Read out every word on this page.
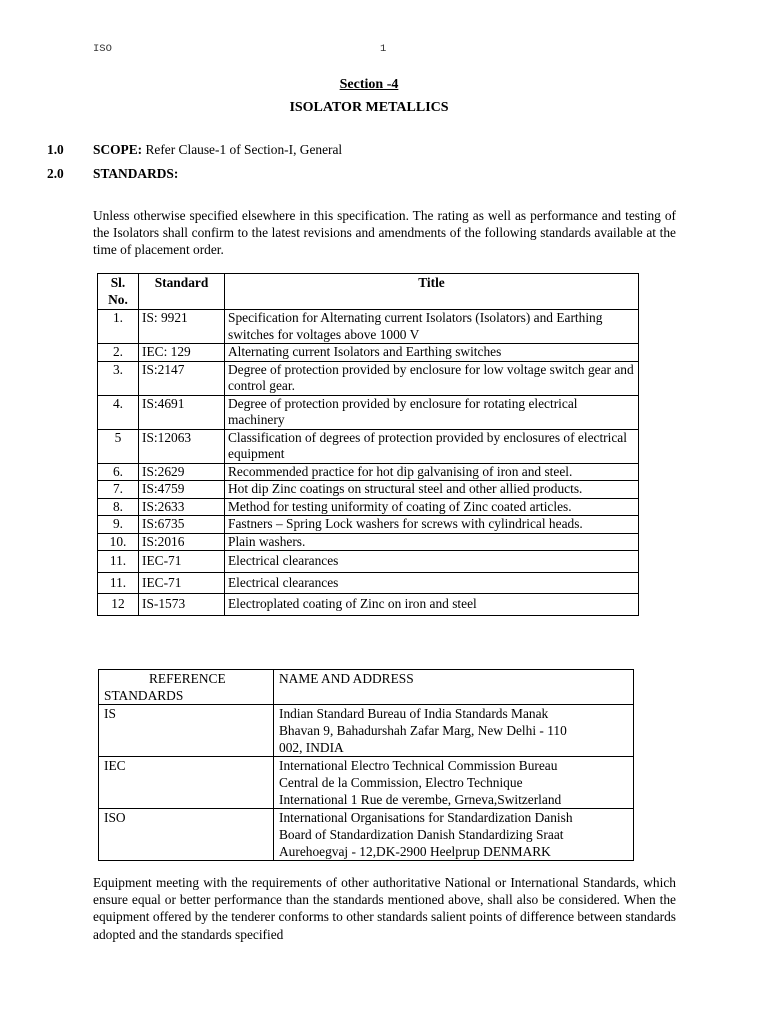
ISO	1
Section -4
ISOLATOR METALLICS
1.0 SCOPE: Refer Clause-1 of Section-I, General
2.0 STANDARDS:
Unless otherwise specified elsewhere in this specification. The rating as well as performance and testing of the Isolators shall confirm to the latest revisions and amendments of the following standards available at the time of placement order.
Sl. No.	Standard	Title
1.	IS: 9921	Specification for Alternating current Isolators (Isolators) and Earthing switches for voltages above 1000 V
2.	IEC: 129	Alternating current Isolators and Earthing switches
3.	IS:2147	Degree of protection provided by enclosure for low voltage switch gear and control gear.
4.	IS:4691	Degree of protection provided by enclosure for rotating electrical machinery
5	IS:12063	Classification of degrees of protection provided by enclosures of electrical equipment
6.	IS:2629	Recommended practice for hot dip galvanising of iron and steel.
7.	IS:4759	Hot dip Zinc coatings on structural steel and other allied products.
8.	IS:2633	Method for testing uniformity of coating of Zinc coated articles.
9.	IS:6735	Fastners – Spring Lock washers for screws with cylindrical heads.
10.	IS:2016	Plain washers.
11.	IEC-71	Electrical clearances
11.	IEC-71	Electrical clearances
12	IS-1573	Electroplated coating of Zinc on iron and steel
REFERENCE
STANDARDS	NAME AND ADDRESS
IS	Indian Standard Bureau of India Standards Manak
Bhavan 9, Bahadurshah Zafar Marg, New Delhi - 110
002, INDIA

IEC	International Electro Technical Commission Bureau
Central de la Commission, Electro Technique
International 1 Rue de verembe, Grneva,Switzerland

ISO	International Organisations for Standardization Danish
Board of Standardization Danish Standardizing Sraat
Aurehoegvaj - 12,DK-2900 Heelprup DENMARK
Equipment meeting with the requirements of other authoritative National or International Standards, which ensure equal or better performance than the standards mentioned above, shall also be considered. When the equipment offered by the tenderer conforms to other standards salient points of difference between standards adopted and the standards specified
